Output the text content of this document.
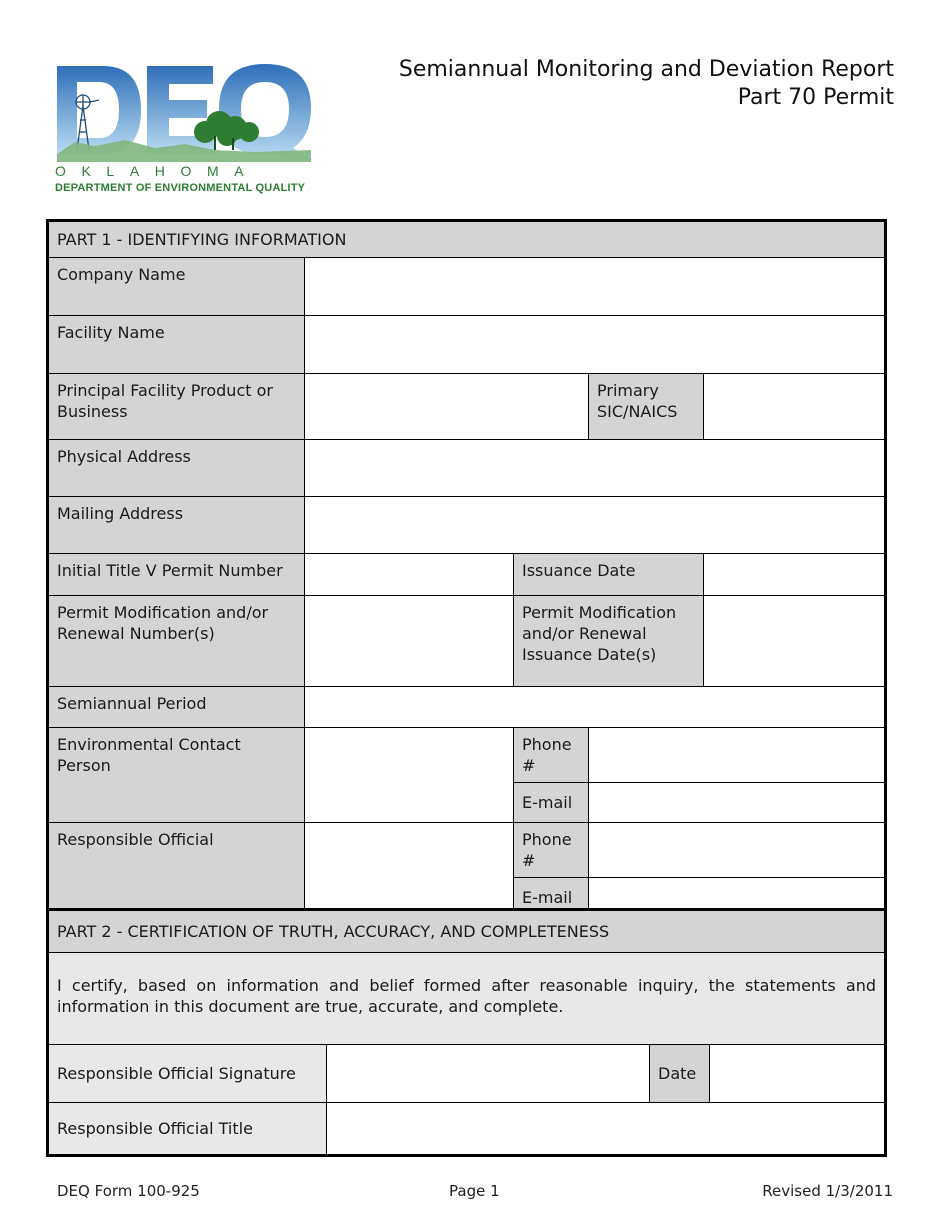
OKLAHOMA
DEPARTMENT OF ENVIRONMENTAL QUALITY
Semiannual Monitoring and Deviation Report
Part 70 Permit
PART 1 - IDENTIFYING INFORMATION				
Company Name				
Facility Name				
Principal Facility Product or Business			Primary SIC/NAICS	
Physical Address				
Mailing Address				
Initial Title V Permit Number		Issuance Date		
Permit Modification and/or Renewal Number(s)		Permit Modification and/or Renewal Issuance Date(s)		
Semiannual Period				
Environmental Contact Person		Phone #		
		E-mail		
Responsible Official		Phone #		
		E-mail		
PART 2 - CERTIFICATION OF TRUTH, ACCURACY, AND COMPLETENESS			
I certify, based on information and belief formed after reasonable inquiry, the statements and information in this document are true, accurate, and complete.			
Responsible Official Signature		Date	
Responsible Official Title			
DEQ Form 100-925	Page 1	Revised 1/3/2011
